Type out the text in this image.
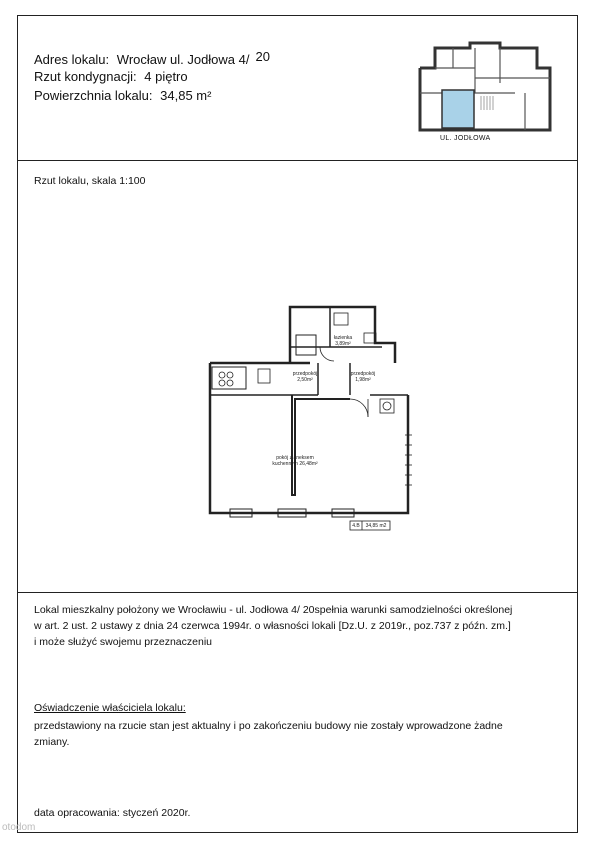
Adres lokalu: Wrocław ul. Jodłowa 4/ 20
Rzut kondygnacji: 4 piętro
Powierzchnia lokalu: 34,85 m²
UL. JODŁOWA
Rzut lokalu, skala 1:100
łazienka
3,89m²
przedpokój
2,50m²
przedpokój
1,98m²
pokój z aneksem
kuchennym 26,48m²
4.B	34,85 m2
Lokal mieszkalny położony we Wrocławiu - ul. Jodłowa 4/ 20spełnia warunki samodzielności określonej
w art. 2 ust. 2 ustawy z dnia 24 czerwca 1994r. o własności lokali [Dz.U. z 2019r., poz.737 z późn. zm.]
i może służyć swojemu przeznaczeniu
Oświadczenie właściciela lokalu:
przedstawiony na rzucie stan jest aktualny i po zakończeniu budowy nie zostały wprowadzone żadne
zmiany.
data opracowania: styczeń 2020r.
otodom
